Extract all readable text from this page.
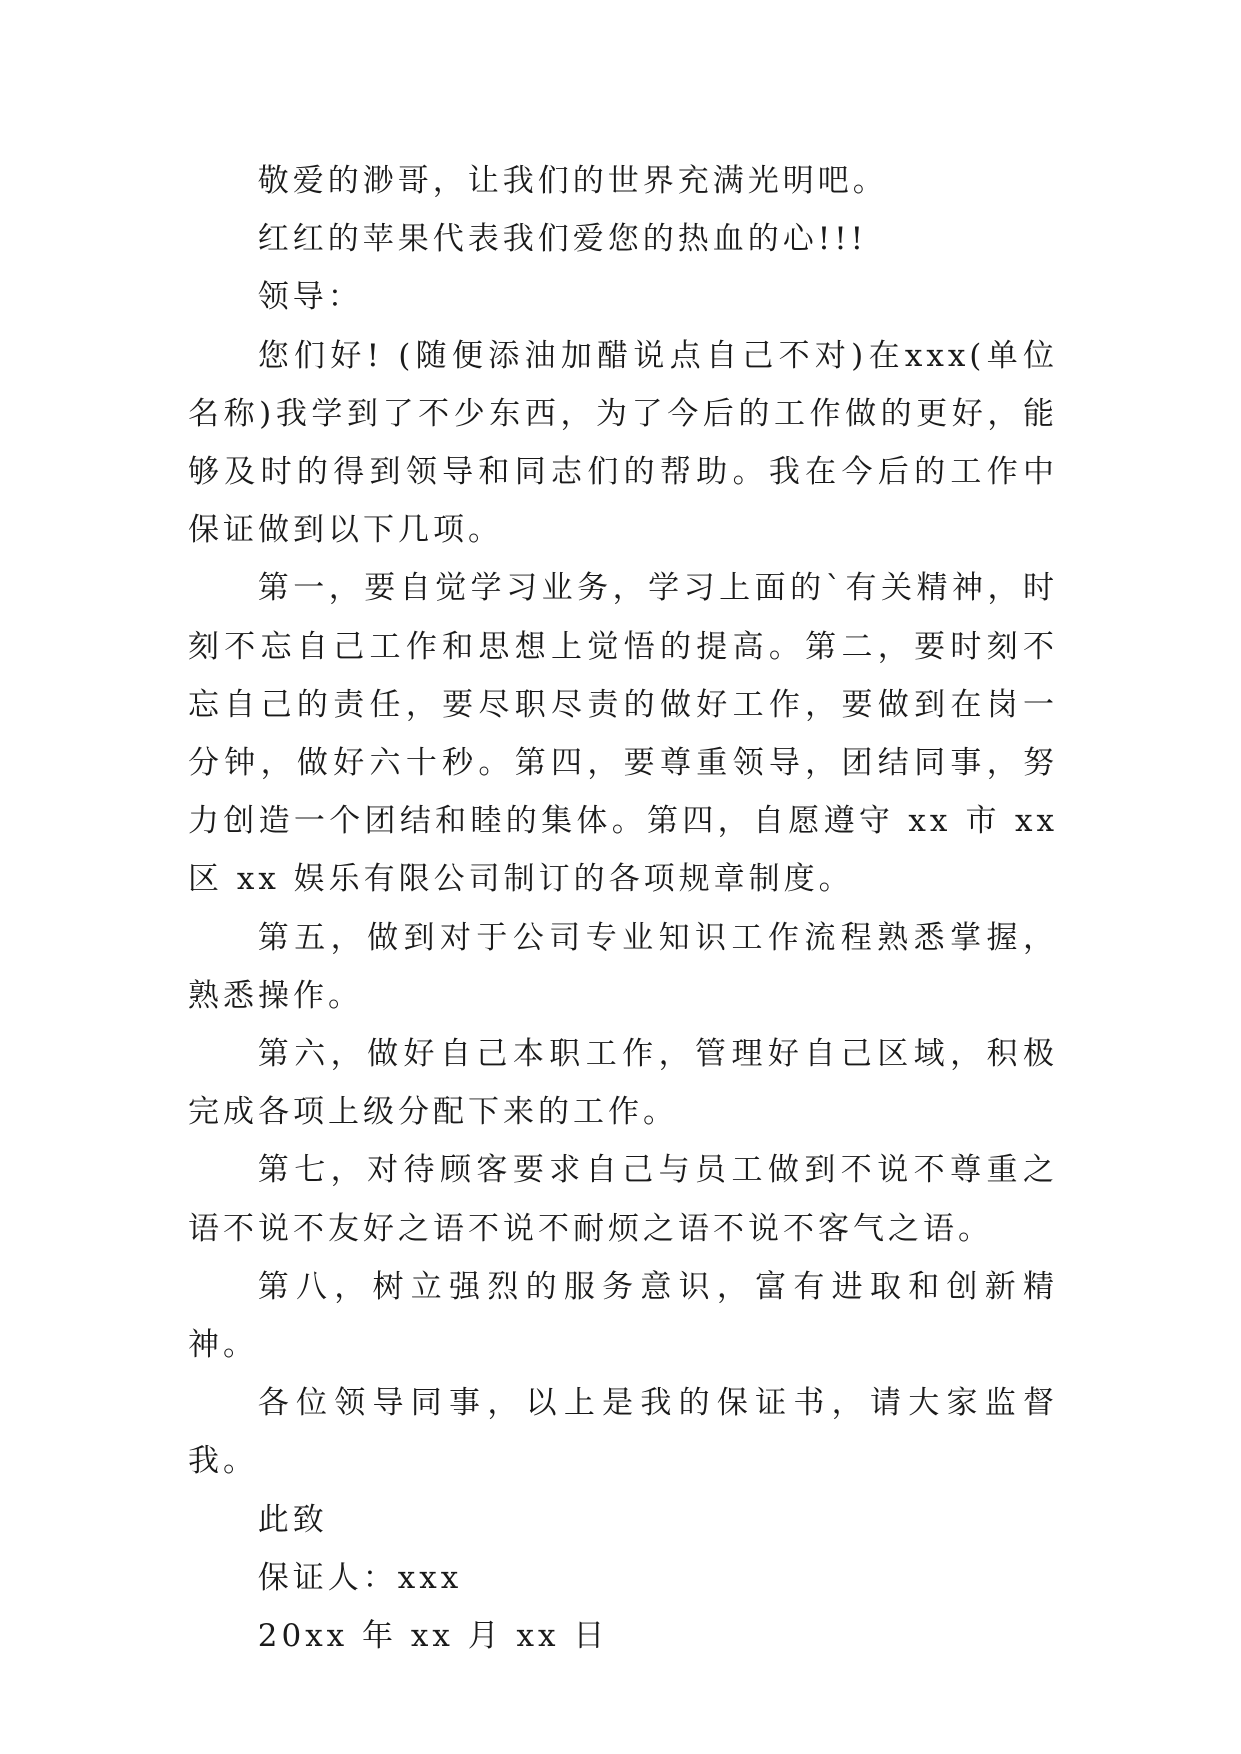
敬爱的渺哥，让我们的世界充满光明吧。

红红的苹果代表我们爱您的热血的心!!!

领导：

您们好! (随便添油加醋说点自己不对)在xxx(单位名称)我学到了不少东西，为了今后的工作做的更好，能够及时的得到领导和同志们的帮助。我在今后的工作中保证做到以下几项。

第一，要自觉学习业务，学习上面的`有关精神，时刻不忘自己工作和思想上觉悟的提高。第二，要时刻不忘自己的责任，要尽职尽责的做好工作，要做到在岗一分钟，做好六十秒。第四，要尊重领导，团结同事，努力创造一个团结和睦的集体。第四，自愿遵守 xx 市 xx 区 xx 娱乐有限公司制订的各项规章制度。

第五，做到对于公司专业知识工作流程熟悉掌握，熟悉操作。

第六，做好自己本职工作，管理好自己区域，积极完成各项上级分配下来的工作。

第七，对待顾客要求自己与员工做到不说不尊重之语不说不友好之语不说不耐烦之语不说不客气之语。

第八，树立强烈的服务意识，富有进取和创新精神。

各位领导同事，以上是我的保证书，请大家监督我。

此致

保证人：xxx

20xx 年 xx 月 xx 日
